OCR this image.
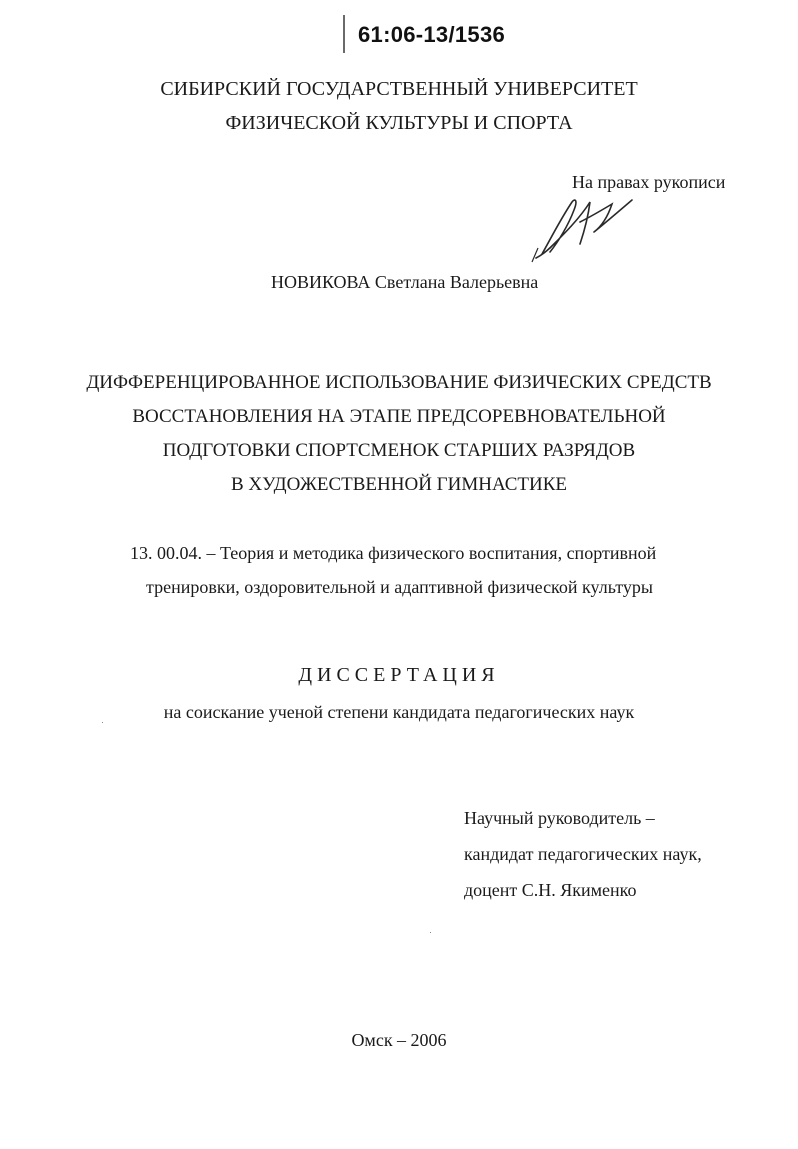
61:06-13/1536
СИБИРСКИЙ ГОСУДАРСТВЕННЫЙ УНИВЕРСИТЕТ
ФИЗИЧЕСКОЙ КУЛЬТУРЫ И СПОРТА
На правах рукописи
НОВИКОВА Светлана Валерьевна
ДИФФЕРЕНЦИРОВАННОЕ ИСПОЛЬЗОВАНИЕ ФИЗИЧЕСКИХ СРЕДСТВ
ВОССТАНОВЛЕНИЯ НА ЭТАПЕ ПРЕДСОРЕВНОВАТЕЛЬНОЙ
ПОДГОТОВКИ СПОРТСМЕНОК СТАРШИХ РАЗРЯДОВ
В ХУДОЖЕСТВЕННОЙ ГИМНАСТИКЕ
13. 00.04. – Теория и методика физического воспитания, спортивной
тренировки, оздоровительной и адаптивной физической культуры
ДИССЕРТАЦИЯ
на соискание ученой степени кандидата педагогических наук
Научный руководитель –
кандидат педагогических наук,
доцент С.Н. Якименко
Омск – 2006
